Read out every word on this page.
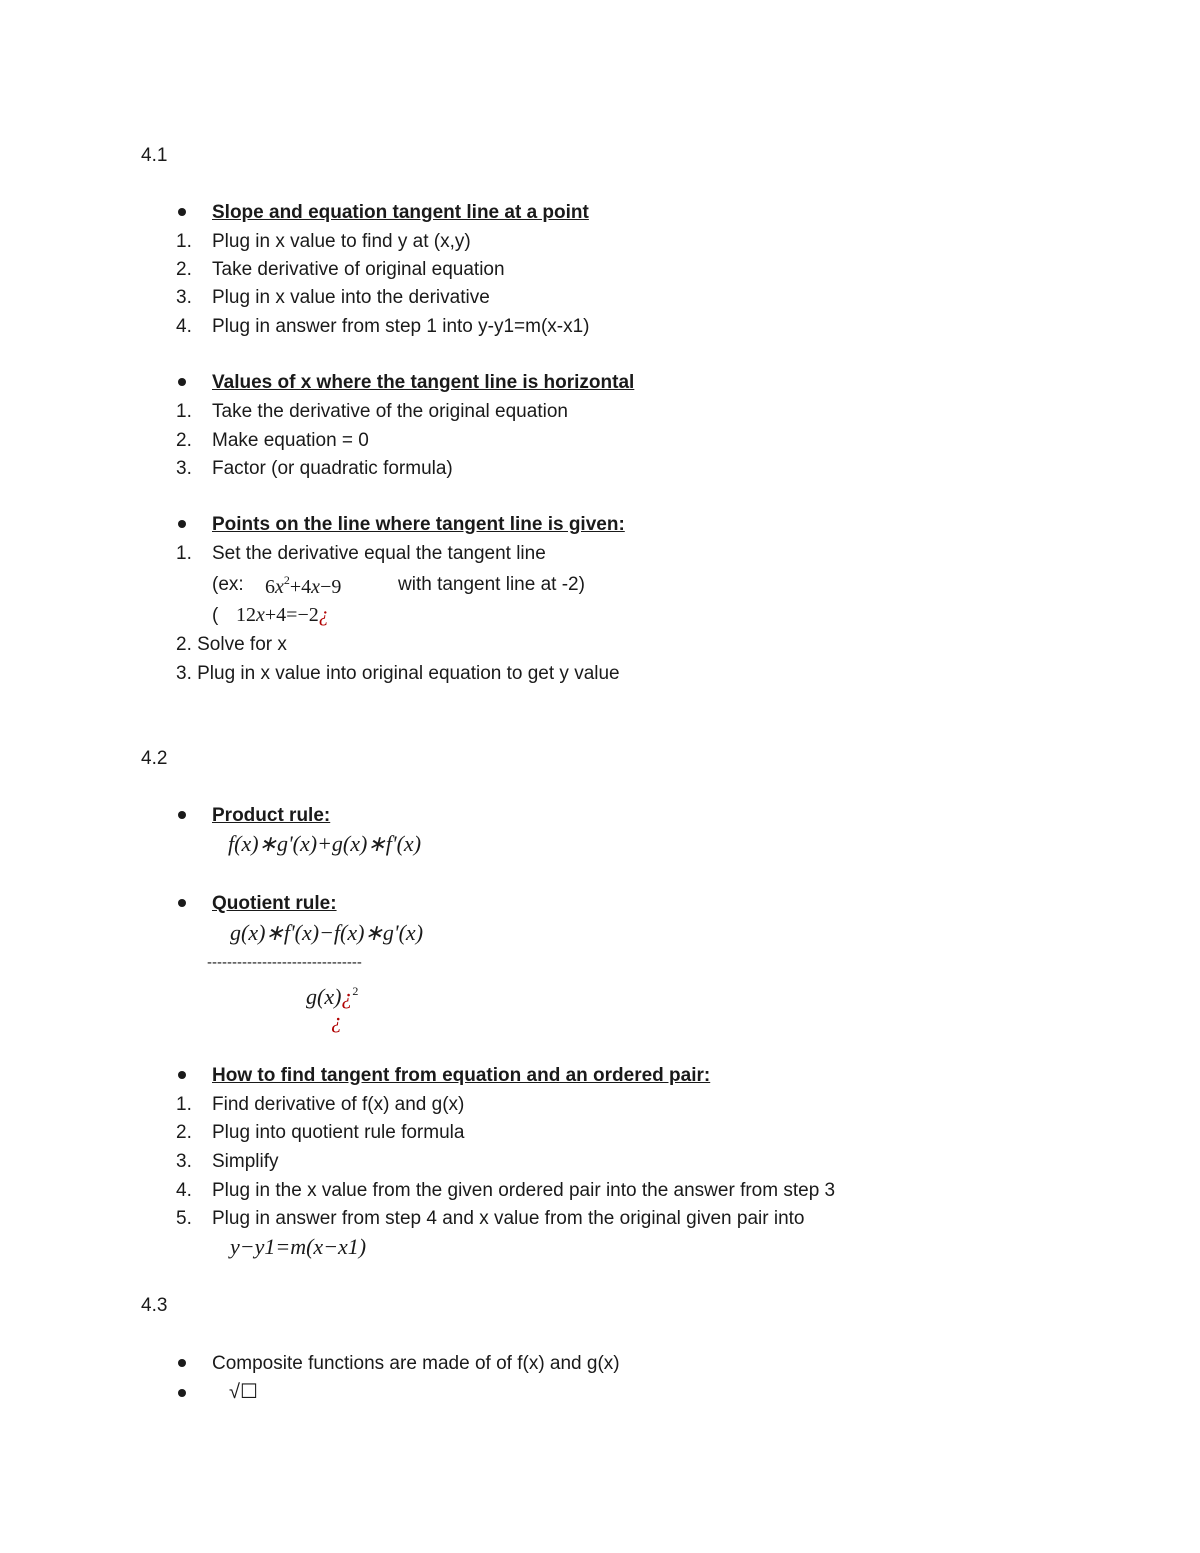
4.1
Slope and equation tangent line at a point
1. Plug in x value to find y at (x,y)
2. Take derivative of original equation
3. Plug in x value into the derivative
4. Plug in answer from step 1 into y-y1=m(x-x1)
Values of x where the tangent line is horizontal
1. Take the derivative of the original equation
2. Make equation = 0
3. Factor (or quadratic formula)
Points on the line where tangent line is given:
1. Set the derivative equal the tangent line
(ex: $6x^2+4x-9$	with tangent line at -2)
( 12x+4=−2¿
2. Solve for x
3. Plug in x value into original equation to get y value
4.2
Product rule:
f(x)∗g'(x)+g(x)∗f'(x)
Quotient rule:
g(x)∗f'(x)−f(x)∗g'(x)
-------------------------------
g(x)¿$^2$
¿
How to find tangent from equation and an ordered pair:
1. Find derivative of f(x) and g(x)
2. Plug into quotient rule formula
3. Simplify
4. Plug in the x value from the given ordered pair into the answer from step 3
5. Plug in answer from step 4 and x value from the original given pair into
y−y1=m(x−x1)
4.3
Composite functions are made of of f(x) and g(x)
√☐
